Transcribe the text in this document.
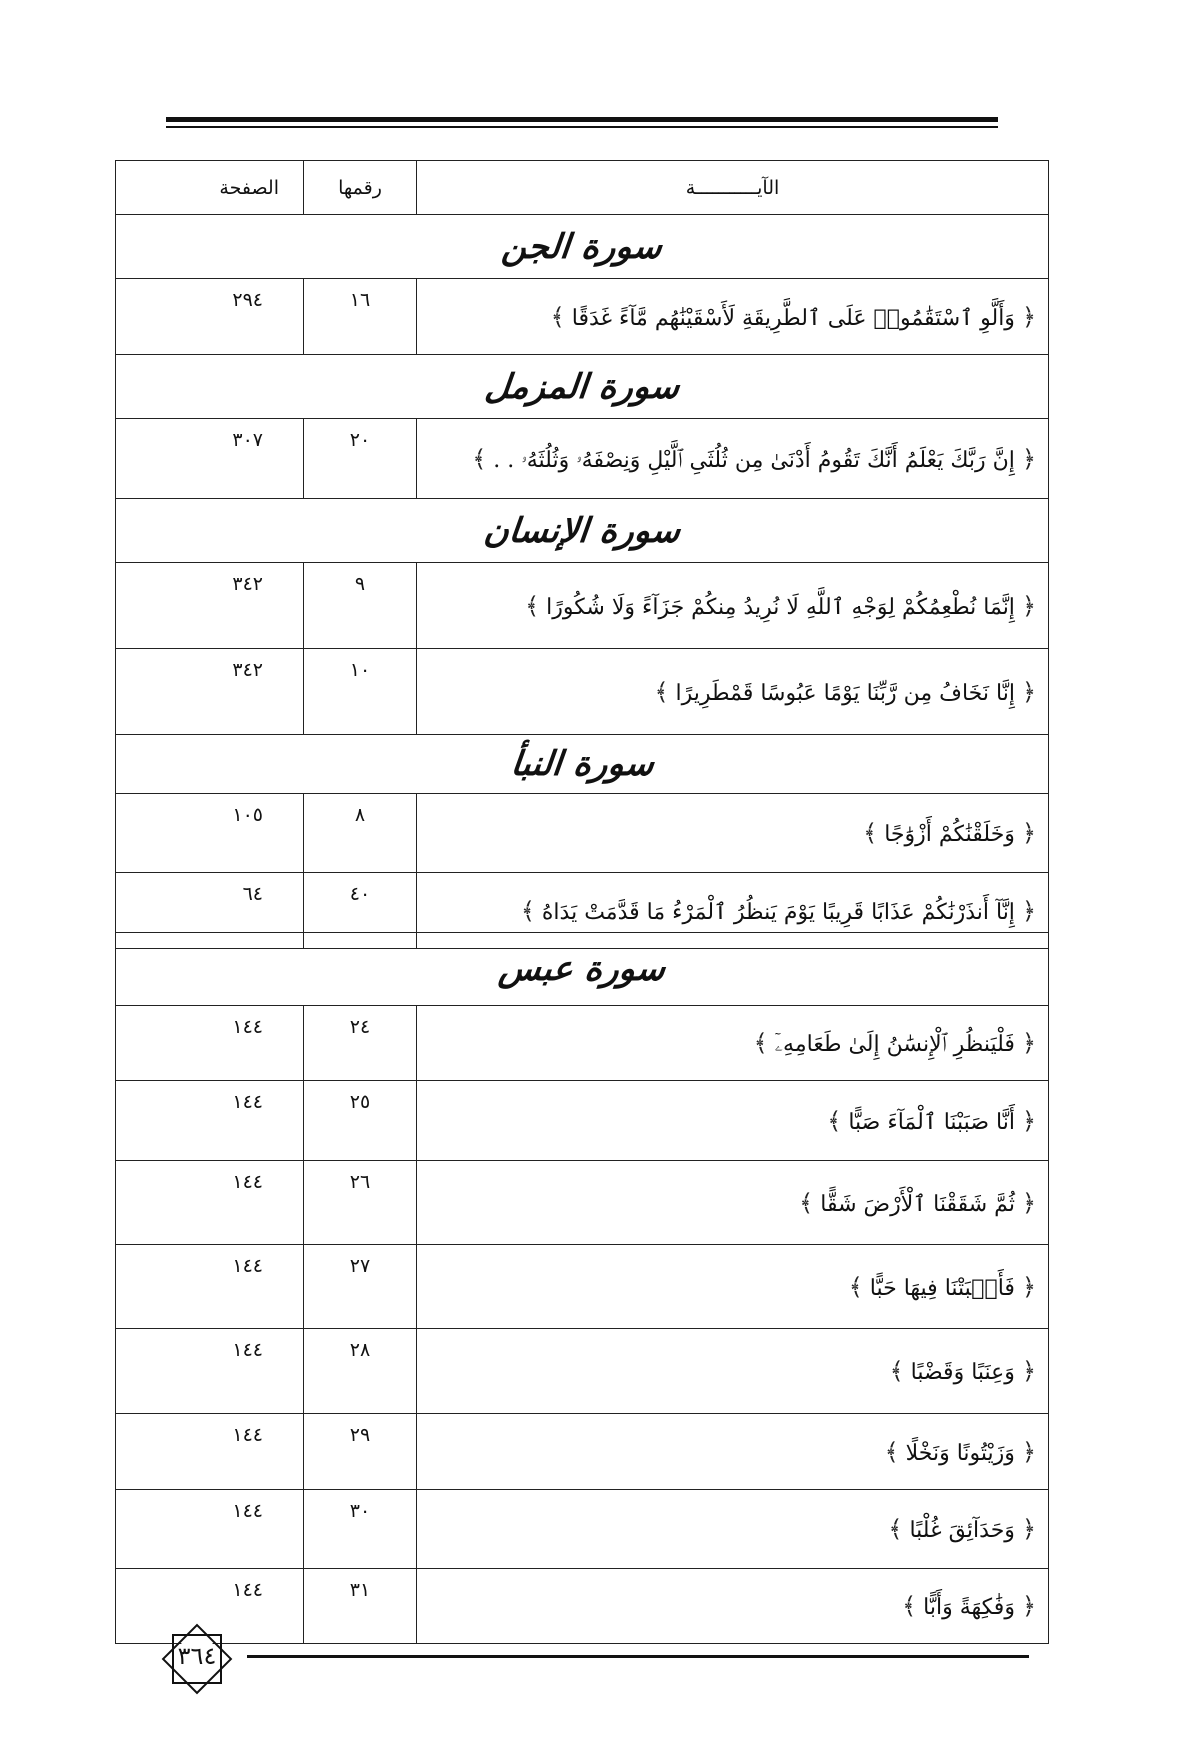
الصفحة	رقمها	الآيـــــــــــة

سورة الجن		
٢٩٤	١٦	﴿ وَأَلَّوِ ٱسْتَقَٰمُوا۟ عَلَى ٱلطَّرِيقَةِ لَأَسْقَيْنَٰهُم مَّآءً غَدَقًا ﴾

سورة المزمل		
٣٠٧	٢٠	﴿ إِنَّ رَبَّكَ يَعْلَمُ أَنَّكَ تَقُومُ أَدْنَىٰ مِن ثُلُثَىِ ٱلَّيْلِ وَنِصْفَهُۥ وَثُلُثَهُۥ . . ﴾

سورة الإنسان		
٣٤٢	٩	﴿ إِنَّمَا نُطْعِمُكُمْ لِوَجْهِ ٱللَّهِ لَا نُرِيدُ مِنكُمْ جَزَآءً وَلَا شُكُورًا ﴾

٣٤٢	١٠	﴿ إِنَّا نَخَافُ مِن رَّبِّنَا يَوْمًا عَبُوسًا قَمْطَرِيرًا ﴾

سورة النبأ		
١٠٥	٨	﴿ وَخَلَقْنَٰكُمْ أَزْوَٰجًا ﴾

٦٤	٤٠	﴿ إِنَّآ أَنذَرْنَٰكُمْ عَذَابًا قَرِيبًا يَوْمَ يَنظُرُ ٱلْمَرْءُ مَا قَدَّمَتْ يَدَاهُ ﴾
سورة عبس		
١٤٤	٢٤	﴿ فَلْيَنظُرِ ٱلْإِنسَٰنُ إِلَىٰ طَعَامِهِۦٓ ﴾

١٤٤	٢٥	﴿ أَنَّا صَبَبْنَا ٱلْمَآءَ صَبًّا ﴾

١٤٤	٢٦	﴿ ثُمَّ شَقَقْنَا ٱلْأَرْضَ شَقًّا ﴾

١٤٤	٢٧	﴿ فَأَنۢبَتْنَا فِيهَا حَبًّا ﴾

١٤٤	٢٨	﴿ وَعِنَبًا وَقَضْبًا ﴾

١٤٤	٢٩	﴿ وَزَيْتُونًا وَنَخْلًا ﴾

١٤٤	٣٠	﴿ وَحَدَآئِقَ غُلْبًا ﴾

١٤٤	٣١	﴿ وَفَٰكِهَةً وَأَبًّا ﴾
٣٦٤
